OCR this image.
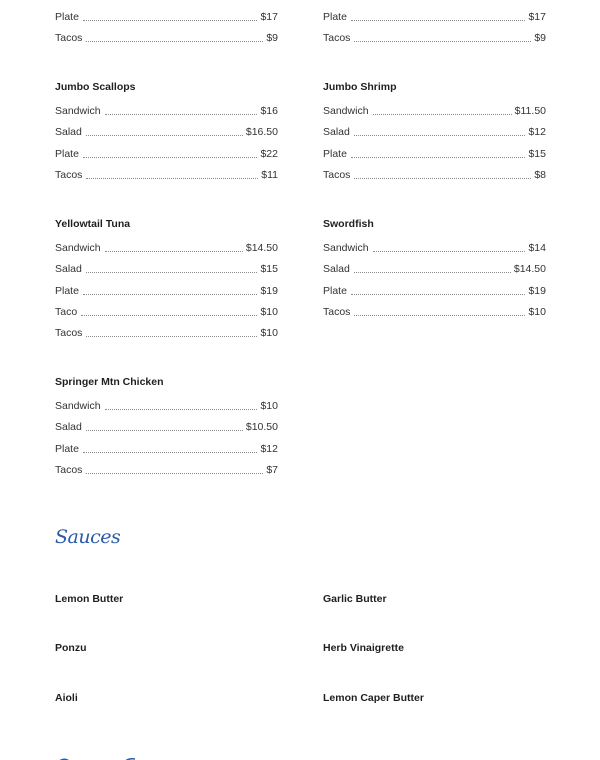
Plate	$17
Tacos	$9
Plate	$17
Tacos	$9
Jumbo Scallops
Sandwich	$16
Salad	$16.50
Plate	$22
Tacos	$11
Jumbo Shrimp
Sandwich	$11.50
Salad	$12
Plate	$15
Tacos	$8
Yellowtail Tuna
Sandwich	$14.50
Salad	$15
Plate	$19
Taco	$10
Tacos	$10
Swordfish
Sandwich	$14
Salad	$14.50
Plate	$19
Tacos	$10
Springer Mtn Chicken
Sandwich	$10
Salad	$10.50
Plate	$12
Tacos	$7
Sauces
Lemon Butter	Garlic Butter
Ponzu	Herb Vinaigrette
Aioli	Lemon Caper Butter
